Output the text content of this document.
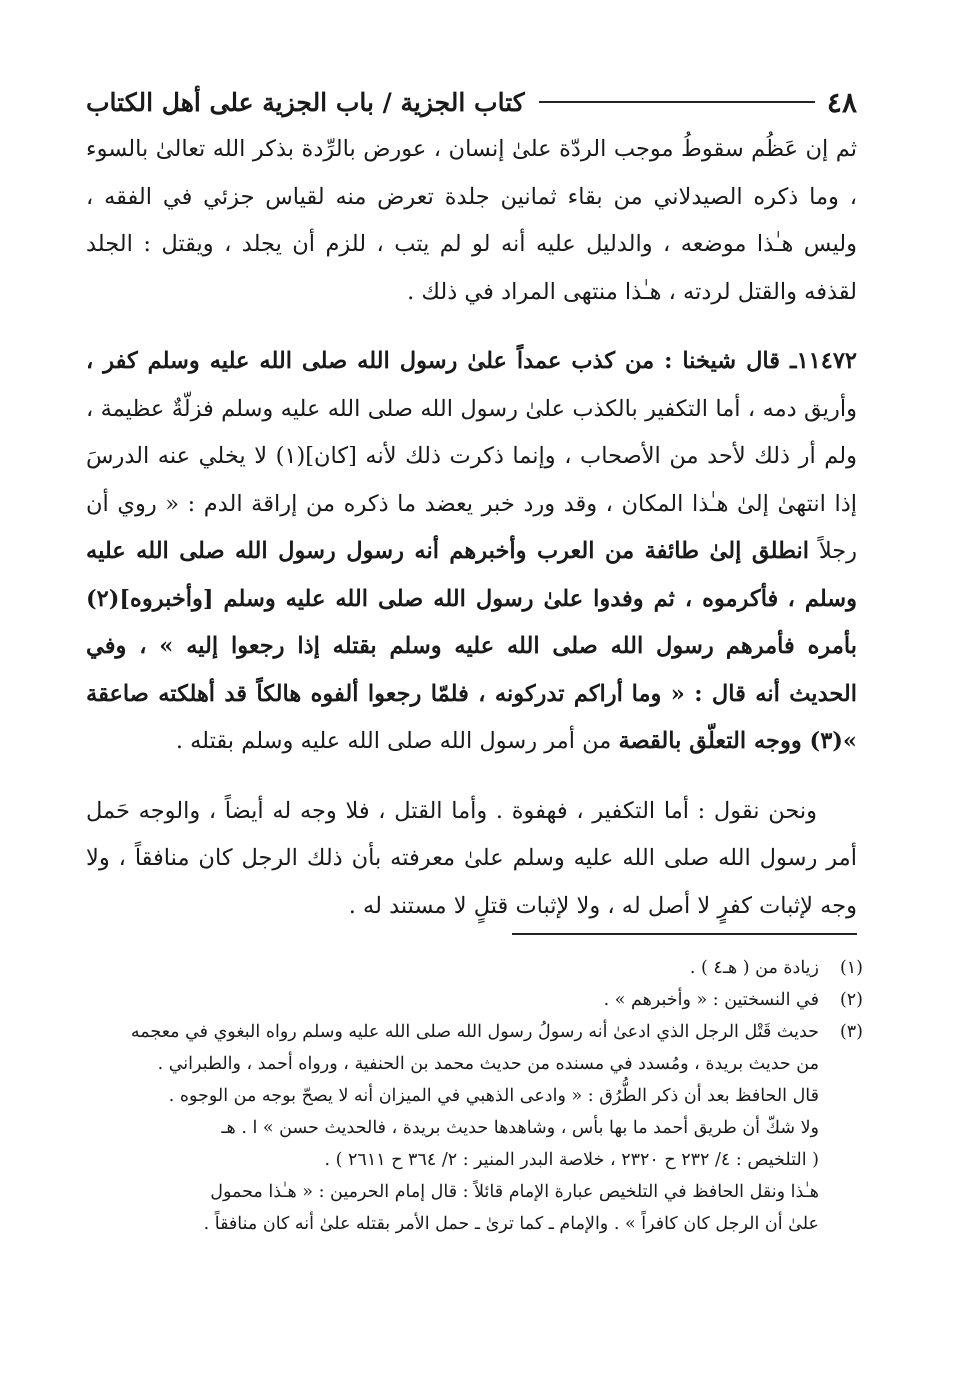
٤٨
كتاب الجزية / باب الجزية على أهل الكتاب

ثم إن عَظُم سقوطُ موجب الردّة علىٰ إنسان ، عورض بالرِّدة بذكر الله تعالىٰ بالسوء ، وما ذكره الصيدلاني من بقاء ثمانين جلدة تعرض منه لقياس جزئي في الفقه ، وليس هـٰذا موضعه ، والدليل عليه أنه لو لم يتب ، للزم أن يجلد ، ويقتل : الجلد لقذفه والقتل لردته ، هـٰذا منتهى المراد في ذلك .

١١٤٧٢ـ قال شيخنا : من كذب عمداً علىٰ رسول الله صلى الله عليه وسلم كفر ، وأريق دمه ، أما التكفير بالكذب علىٰ رسول الله صلى الله عليه وسلم فزلّةٌ عظيمة ، ولم أر ذلك لأحد من الأصحاب ، وإنما ذكرت ذلك لأنه [كان](١) لا يخلي عنه الدرسَ إذا انتهىٰ إلىٰ هـٰذا المكان ، وقد ورد خبر يعضد ما ذكره من إراقة الدم : « روي أن رجلاً انطلق إلىٰ طائفة من العرب وأخبرهم أنه رسول رسول الله صلى الله عليه وسلم ، فأكرموه ، ثم وفدوا علىٰ رسول الله صلى الله عليه وسلم [وأخبروه](٢) بأمره فأمرهم رسول الله صلى الله عليه وسلم بقتله إذا رجعوا إليه » ، وفي الحديث أنه قال : « وما أراكم تدركونه ، فلمّا رجعوا ألفوه هالكاً قد أهلكته صاعقة »(٣) ووجه التعلّق بالقصة من أمر رسول الله صلى الله عليه وسلم بقتله .

ونحن نقول : أما التكفير ، فهفوة . وأما القتل ، فلا وجه له أيضاً ، والوجه حَمل أمر رسول الله صلى الله عليه وسلم علىٰ معرفته بأن ذلك الرجل كان منافقاً ، ولا وجه لإثبات كفرٍ لا أصل له ، ولا لإثبات قتلٍ لا مستند له .

(١)
زيادة من ( هـ٤ ) .
(٢)
في النسختين : « وأخبرهم » .
(٣)
حديث قَتْل الرجل الذي ادعىٰ أنه رسولُ رسول الله صلى الله عليه وسلم رواه البغوي في معجمه
من حديث بريدة ، ومُسدد في مسنده من حديث محمد بن الحنفية ، ورواه أحمد ، والطبراني .
قال الحافظ بعد أن ذكر الطُّرُق : « وادعى الذهبي في الميزان أنه لا يصحّ بوجه من الوجوه .
ولا شكّ أن طريق أحمد ما بها بأس ، وشاهدها حديث بريدة ، فالحديث حسن » ا . هـ
( التلخيص : ٤/ ٢٣٢ ح ٢٣٢٠ ، خلاصة البدر المنير : ٢/ ٣٦٤ ح ٢٦١١ ) .
هـٰذا ونقل الحافظ في التلخيص عبارة الإمام قائلاً : قال إمام الحرمين : « هـٰذا محمول
علىٰ أن الرجل كان كافراً » . والإمام ـ كما ترىٰ ـ حمل الأمر بقتله علىٰ أنه كان منافقاً .
